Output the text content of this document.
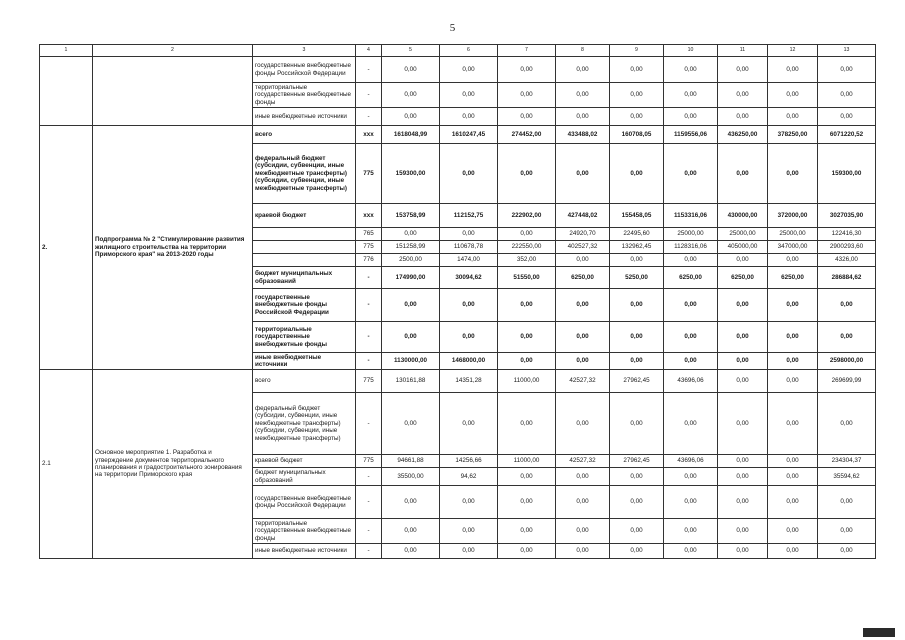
5
1	2	3	4	5	6	7	8	9	10	11	12	13
		государственные внебюджетные фонды Российской Федерации	-	0,00	0,00	0,00	0,00	0,00	0,00	0,00	0,00	0,00
		территориальные государственные внебюджетные фонды	-	0,00	0,00	0,00	0,00	0,00	0,00	0,00	0,00	0,00
		иные внебюджетные источники	-	0,00	0,00	0,00	0,00	0,00	0,00	0,00	0,00	0,00
2.	Подпрограмма № 2 "Стимулирование развития жилищного строительства на территории Приморского края" на 2013-2020 годы	всего	xxx	1618048,99	1610247,45	274452,00	433488,02	160708,05	1159556,06	436250,00	378250,00	6071220,52
		федеральный бюджет (субсидии, субвенции, иные межбюджетные трансферты) (субсидии, субвенции, иные межбюджетные трансферты)	775	159300,00	0,00	0,00	0,00	0,00	0,00	0,00	0,00	159300,00
		краевой бюджет	xxx	153758,99	112152,75	222902,00	427448,02	155458,05	1153316,06	430000,00	372000,00	3027035,90
			765	0,00	0,00	0,00	24920,70	22495,60	25000,00	25000,00	25000,00	122416,30
			775	151258,99	110678,78	222550,00	402527,32	132962,45	1128316,06	405000,00	347000,00	2900293,60
			776	2500,00	1474,00	352,00	0,00	0,00	0,00	0,00	0,00	4326,00
		бюджет муниципальных образований	-	174990,00	30094,62	51550,00	6250,00	5250,00	6250,00	6250,00	6250,00	286884,62
		государственные внебюджетные фонды Российской Федерации	-	0,00	0,00	0,00	0,00	0,00	0,00	0,00	0,00	0,00
		территориальные государственные внебюджетные фонды	-	0,00	0,00	0,00	0,00	0,00	0,00	0,00	0,00	0,00
		иные внебюджетные источники	-	1130000,00	1468000,00	0,00	0,00	0,00	0,00	0,00	0,00	2598000,00
2.1	Основное мероприятие 1. Разработка и утверждение документов территориального планирования и градостроительного зонирования на территории Приморского края	всего	775	130161,88	14351,28	11000,00	42527,32	27962,45	43696,06	0,00	0,00	269699,99
		федеральный бюджет (субсидии, субвенции, иные межбюджетные трансферты) (субсидии, субвенции, иные межбюджетные трансферты)	-	0,00	0,00	0,00	0,00	0,00	0,00	0,00	0,00	0,00
		краевой бюджет	775	94661,88	14256,66	11000,00	42527,32	27962,45	43696,06	0,00	0,00	234304,37
		бюджет муниципальных образований	-	35500,00	94,62	0,00	0,00	0,00	0,00	0,00	0,00	35594,62
		государственные внебюджетные фонды Российской Федерации	-	0,00	0,00	0,00	0,00	0,00	0,00	0,00	0,00	0,00
		территориальные государственные внебюджетные фонды	-	0,00	0,00	0,00	0,00	0,00	0,00	0,00	0,00	0,00
		иные внебюджетные источники	-	0,00	0,00	0,00	0,00	0,00	0,00	0,00	0,00	0,00
